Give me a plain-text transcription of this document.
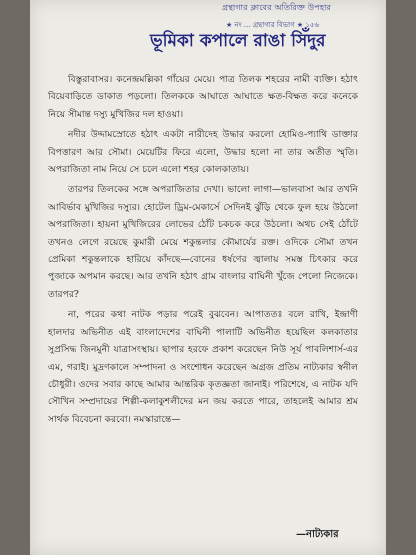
গ্রন্থাগার ক্লাবের অতিরিক্ত উপহার
★ নং ... গ্রন্থাগার বিভাগ ★ ১৫৬
ভূমিকা কপালে রাঙা সিঁদুর

বিস্তুরাবাসর। কনেন্দ্রমল্লিকা গাঁয়ের মেয়ে। পাত্র তিলক শহরের নামী ব্যক্তি। হঠাৎ বিয়েবাড়িতে ডাকাত পড়লো। তিলককে আঘাতে আঘাতে ক্ষত-বিক্ষত করে কনেকে নিয়ে সীমান্ত দস্যু মুখিজির দল হাওয়া।

নদীর উদ্দামস্রোতে হঠাৎ একটা নারীদেহ উদ্ধার করলো হোমিও-প্যাথি ডাক্তার বিপত্তারণ আর সৌমা। মেয়েটির ফিরে এলো, উদ্ধার হলো না তার অতীত স্মৃতি। অপরাজিতা নাম নিয়ে সে চলে এলো শহর কোলকাতায়।

তারপর তিলকের সঙ্গে অপরাজিতার দেখা। ভালো লাগা—ভালবাসা আর তখনি আবির্ভাব মুখিজির দস্যুর। হোটেল ড্রিম-মেকার্সে সেদিনই ঝুঁড়ি থেকে ফুল হয়ে উঠলো অপরাজিতা। হায়না মুখিজিরের লোভের ঠোঁট চকচক করে উঠলো। অথচ সেই ঠোঁটে তখনও লেগে রয়েছে কুমারী মেয়ে শকুন্তলার কৌমার্যের রক্ত। ওদিকে সৌমা তখন প্রেমিকা শকুন্তলাকে হারিয়ে কাঁদছে—বোনের ধর্ষণের জ্বালায় সমস্ত চিৎকার করে পুজাকে অপমান করছে। আর তখনি হঠাৎ গ্রাম বাংলার বাঘিনী খুঁজে পেলো নিজেকে। তারপর?

না, পরের কথা নাটক পড়ার পরেই বুঝবেন। আপাততঃ বলে রাখি, ইন্দ্রাণী হালদার অভিনীত এই বাংলাদেশের বাঘিনী পালাটি অভিনীত হয়েছিল কলকাতার সুপ্রসিদ্ধ জিনমুনী যাত্রাসংস্থায়। ছাপার হরফে প্রকাশ করেছেন নিউ সূর্য পাবলিশার্স-এর এম, গরাই। মুদ্রণকালে সম্পাদনা ও সংশোধন করেছেন অগ্রজ প্রতিম নাট্যকার স্বনীল চৌধুরী। ওদের সবার কাছে আমার আন্তরিক কৃতজ্ঞতা জানাই। পরিশেষে, এ নাটক যদি সৌখিন সম্প্রদায়ের শিল্পী-কলাকুশলীদের মন জয় করতে পারে, তাহলেই আমার শ্রম সার্থক বিবেচনা করবো। নমস্কারান্তে—

—নাট্যকার
